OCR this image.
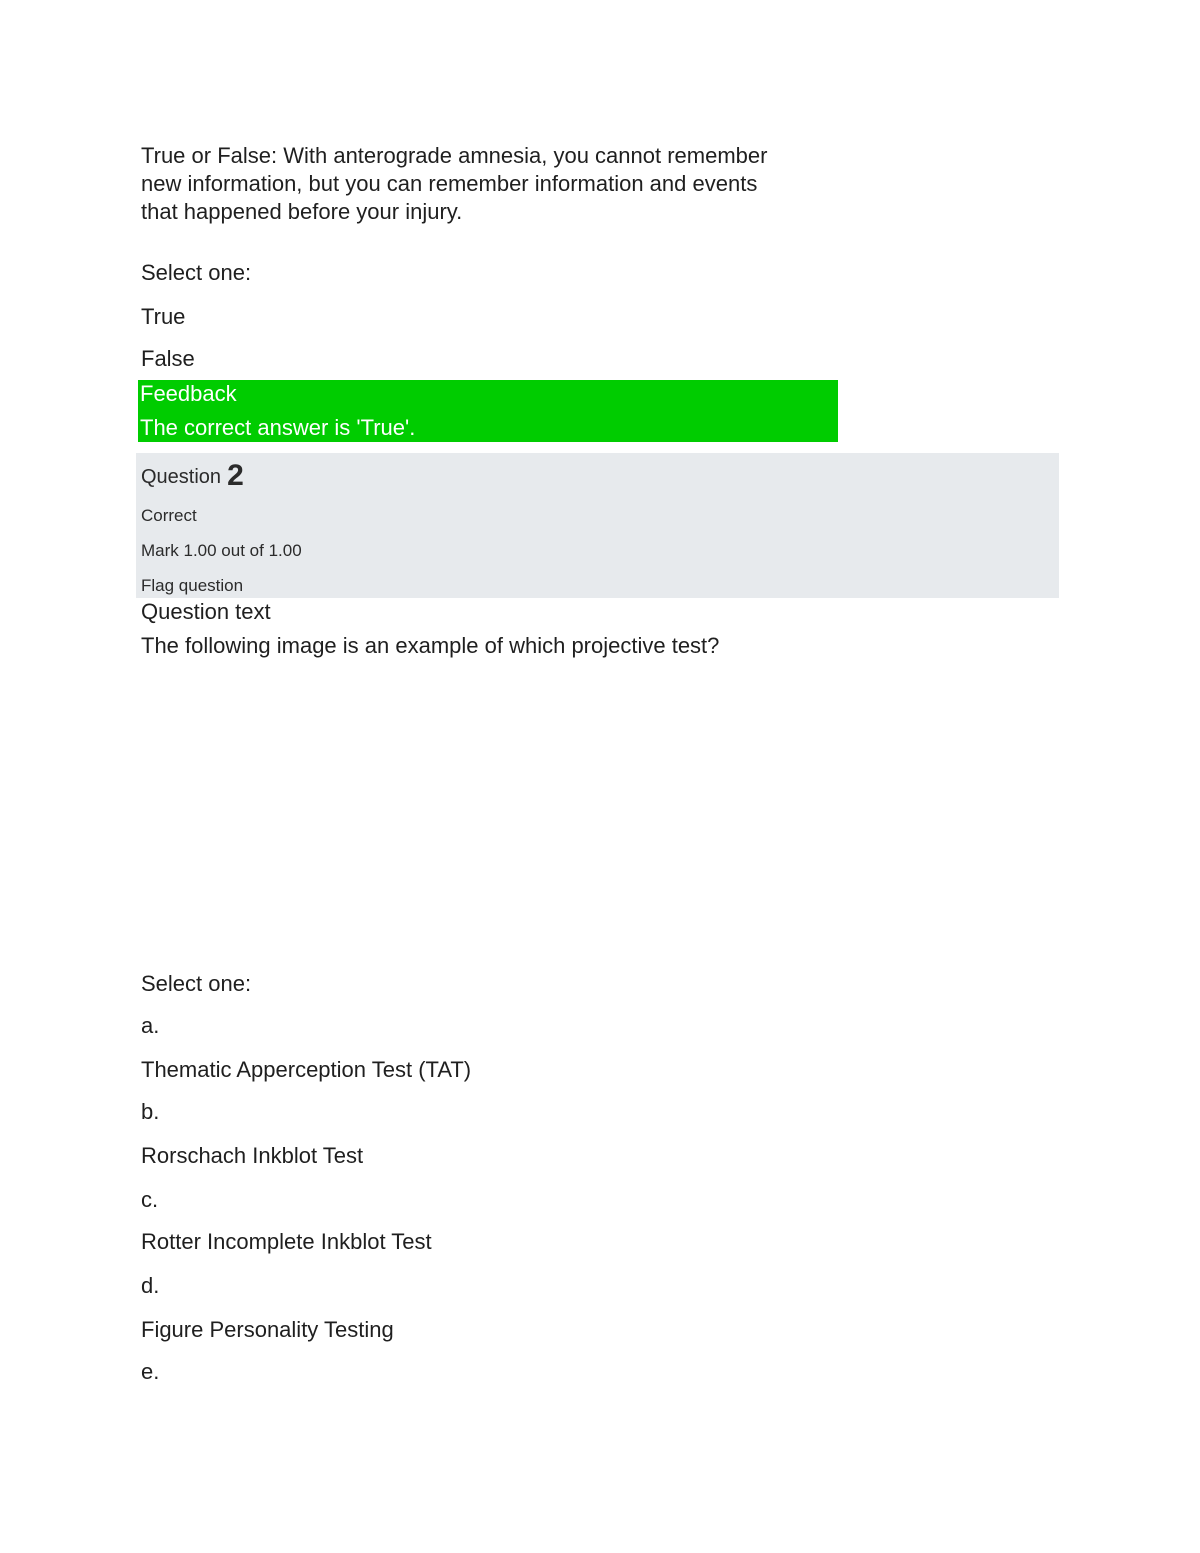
True or False: With anterograde amnesia, you cannot remember
new information, but you can remember information and events
that happened before your injury.
Select one:
True
False
Feedback
The correct answer is 'True'.
Question 2
Correct
Mark 1.00 out of 1.00
Flag question
Question text
The following image is an example of which projective test?
Select one:
a.
Thematic Apperception Test (TAT)
b.
Rorschach Inkblot Test
c.
Rotter Incomplete Inkblot Test
d.
Figure Personality Testing
e.
